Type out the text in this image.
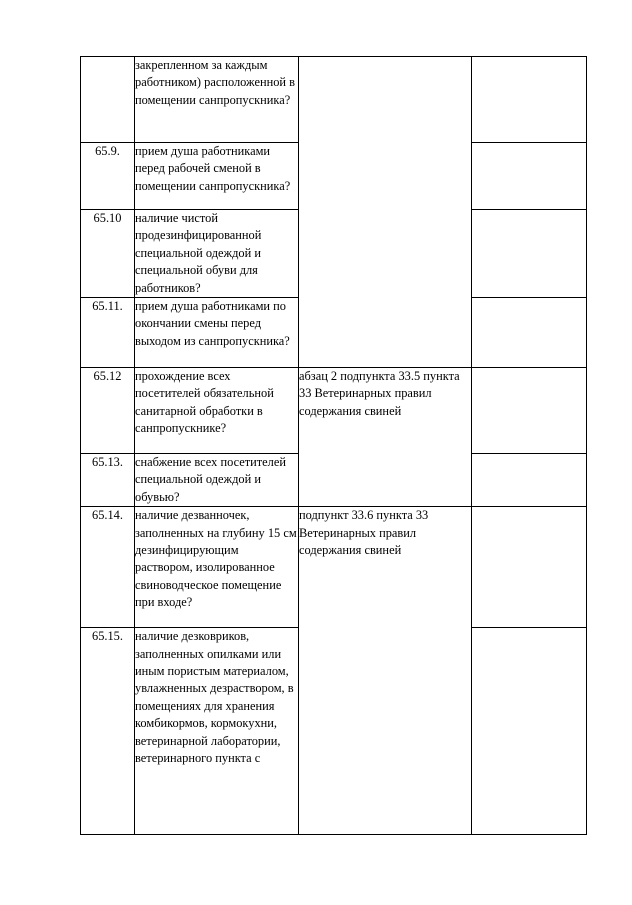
	закрепленном за каждым работником) расположенной в помещении санпропускника?		
65.9.	прием душа работниками перед рабочей сменой в помещении санпропускника?		
65.10	наличие чистой продезинфицированной специальной одеждой и специальной обуви для работников?		
65.11.	прием душа работниками по окончании смены перед выходом из санпропускника?		
65.12	прохождение всех посетителей обязательной санитарной обработки в санпропускнике?	абзац 2 подпункта 33.5 пункта 33 Ветеринарных правил содержания свиней	
65.13.	снабжение всех посетителей специальной одеждой и обувью?		
65.14.	наличие дезванночек, заполненных на глубину 15 см дезинфицирующим раствором, изолированное свиноводческое помещение при входе?	подпункт 33.6 пункта 33 Ветеринарных правил содержания свиней	
65.15.	наличие дезковриков, заполненных опилками или иным пористым материалом, увлажненных дезраствором, в помещениях для хранения комбикормов, кормокухни, ветеринарной лаборатории, ветеринарного пункта с		
